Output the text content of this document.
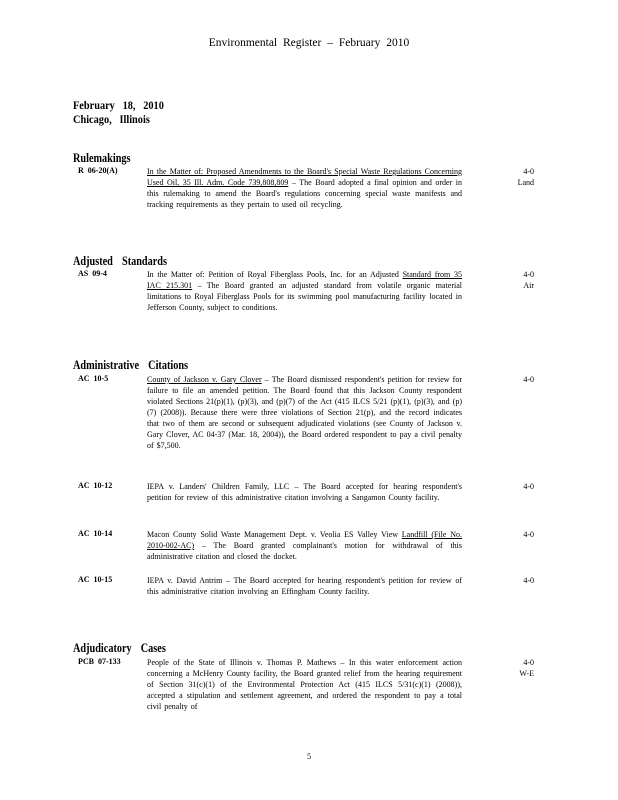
Environmental Register – February 2010
February 18, 2010
Chicago, Illinois
Rulemakings
R 06-20(A)	In the Matter of: Proposed Amendments to the Board's Special Waste Regulations Concerning Used Oil, 35 Ill. Adm. Code 739,808,809 – The Board adopted a final opinion and order in this rulemaking to amend the Board's regulations concerning special waste manifests and tracking requirements as they pertain to used oil recycling.
4-0
Land
Adjusted Standards
AS 09-4	In the Matter of: Petition of Royal Fiberglass Pools, Inc. for an Adjusted Standard from 35 IAC 215.301 – The Board granted an adjusted standard from volatile organic material limitations to Royal Fiberglass Pools for its swimming pool manufacturing facility located in Jefferson County, subject to conditions.
4-0
Air
Administrative Citations
AC 10-5	County of Jackson v. Gary Clover – The Board dismissed respondent's petition for review for failure to file an amended petition. The Board found that this Jackson County respondent violated Sections 21(p)(1), (p)(3), and (p)(7) of the Act (415 ILCS 5/21 (p)(1), (p)(3), and (p)(7) (2008)). Because there were three violations of Section 21(p), and the record indicates that two of them are second or subsequent adjudicated violations (see County of Jackson v. Gary Clover, AC 04-37 (Mar. 18, 2004)), the Board ordered respondent to pay a civil penalty of $7,500.
4-0
AC 10-12	IEPA v. Landers' Children Family, LLC – The Board accepted for hearing respondent's petition for review of this administrative citation involving a Sangamon County facility.
4-0
AC 10-14	Macon County Solid Waste Management Dept. v. Veolia ES Valley View Landfill (File No. 2010-002-AC) – The Board granted complainant's motion for withdrawal of this administrative citation and closed the docket.
4-0
AC 10-15	IEPA v. David Antrim – The Board accepted for hearing respondent's petition for review of this administrative citation involving an Effingham County facility.
4-0
Adjudicatory Cases
PCB 07-133	People of the State of Illinois v. Thomas P. Mathews – In this water enforcement action concerning a McHenry County facility, the Board granted relief from the hearing requirement of Section 31(c)(1) of the Environmental Protection Act (415 ILCS 5/31(c)(1) (2008)), accepted a stipulation and settlement agreement, and ordered the respondent to pay a total civil penalty of
4-0
W-E
5
